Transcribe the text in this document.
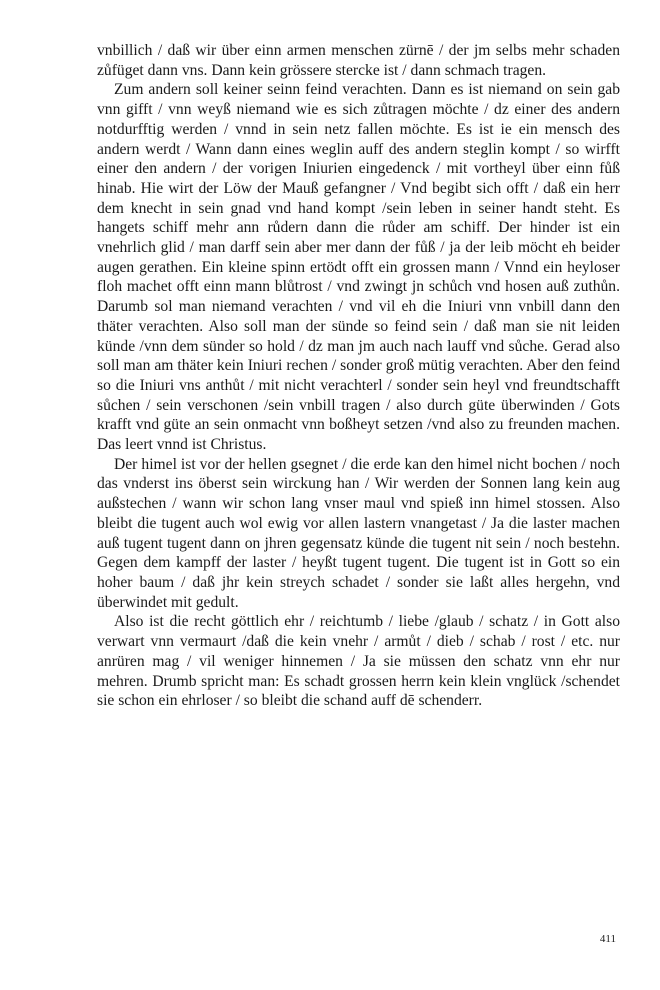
vnbillich / daß wir über einn armen menschen zürnē / der jm selbs mehr schaden zůfüget dann vns. Dann kein grössere stercke ist / dann schmach tragen.

Zum andern soll keiner seinn feind verachten. Dann es ist niemand on sein gab vnn gifft / vnn weyß niemand wie es sich zůtragen möchte / dz einer des andern notdurfftig werden / vnnd in sein netz fallen möchte. Es ist ie ein mensch des andern werdt / Wann dann eines weglin auff des andern steglin kompt / so wirfft einer den andern / der vorigen Iniurien eingedenck / mit vortheyl über einn fůß hinab. Hie wirt der Löw der Mauß gefangner / Vnd begibt sich offt / daß ein herr dem knecht in sein gnad vnd hand kompt /sein leben in seiner handt steht. Es hangets schiff mehr ann růdern dann die růder am schiff. Der hinder ist ein vnehrlich glid / man darff sein aber mer dann der fůß / ja der leib möcht eh beider augen gerathen. Ein kleine spinn ertödt offt ein grossen mann / Vnnd ein heyloser floh machet offt einn mann blůtrost / vnd zwingt jn schůch vnd hosen auß zuthůn. Darumb sol man niemand verachten / vnd vil eh die Iniuri vnn vnbill dann den thäter verachten. Also soll man der sünde so feind sein / daß man sie nit leiden künde /vnn dem sünder so hold / dz man jm auch nach lauff vnd sůche. Gerad also soll man am thäter kein Iniuri rechen / sonder groß mütig verachten. Aber den feind so die Iniuri vns anthůt / mit nicht verachterl / sonder sein heyl vnd freundtschafft sůchen / sein verschonen /sein vnbill tragen / also durch güte überwinden / Gots krafft vnd güte an sein onmacht vnn boßheyt setzen /vnd also zu freunden machen. Das leert vnnd ist Christus.

Der himel ist vor der hellen gsegnet / die erde kan den himel nicht bochen / noch das vnderst ins öberst sein wirckung han / Wir werden der Sonnen lang kein aug außstechen / wann wir schon lang vnser maul vnd spieß inn himel stossen. Also bleibt die tugent auch wol ewig vor allen lastern vnangetast / Ja die laster machen auß tugent tugent dann on jhren gegensatz künde die tugent nit sein / noch bestehn. Gegen dem kampff der laster / heyßt tugent tugent. Die tugent ist in Gott so ein hoher baum / daß jhr kein streych schadet / sonder sie laßt alles hergehn, vnd überwindet mit gedult.

Also ist die recht göttlich ehr / reichtumb / liebe /glaub / schatz / in Gott also verwart vnn vermaurt /daß die kein vnehr / armůt / dieb / schab / rost / etc. nur anrüren mag / vil weniger hinnemen / Ja sie müssen den schatz vnn ehr nur mehren. Drumb spricht man: Es schadt grossen herrn kein klein vnglück /schendet sie schon ein ehrloser / so bleibt die schand auff dē schenderr.

411
